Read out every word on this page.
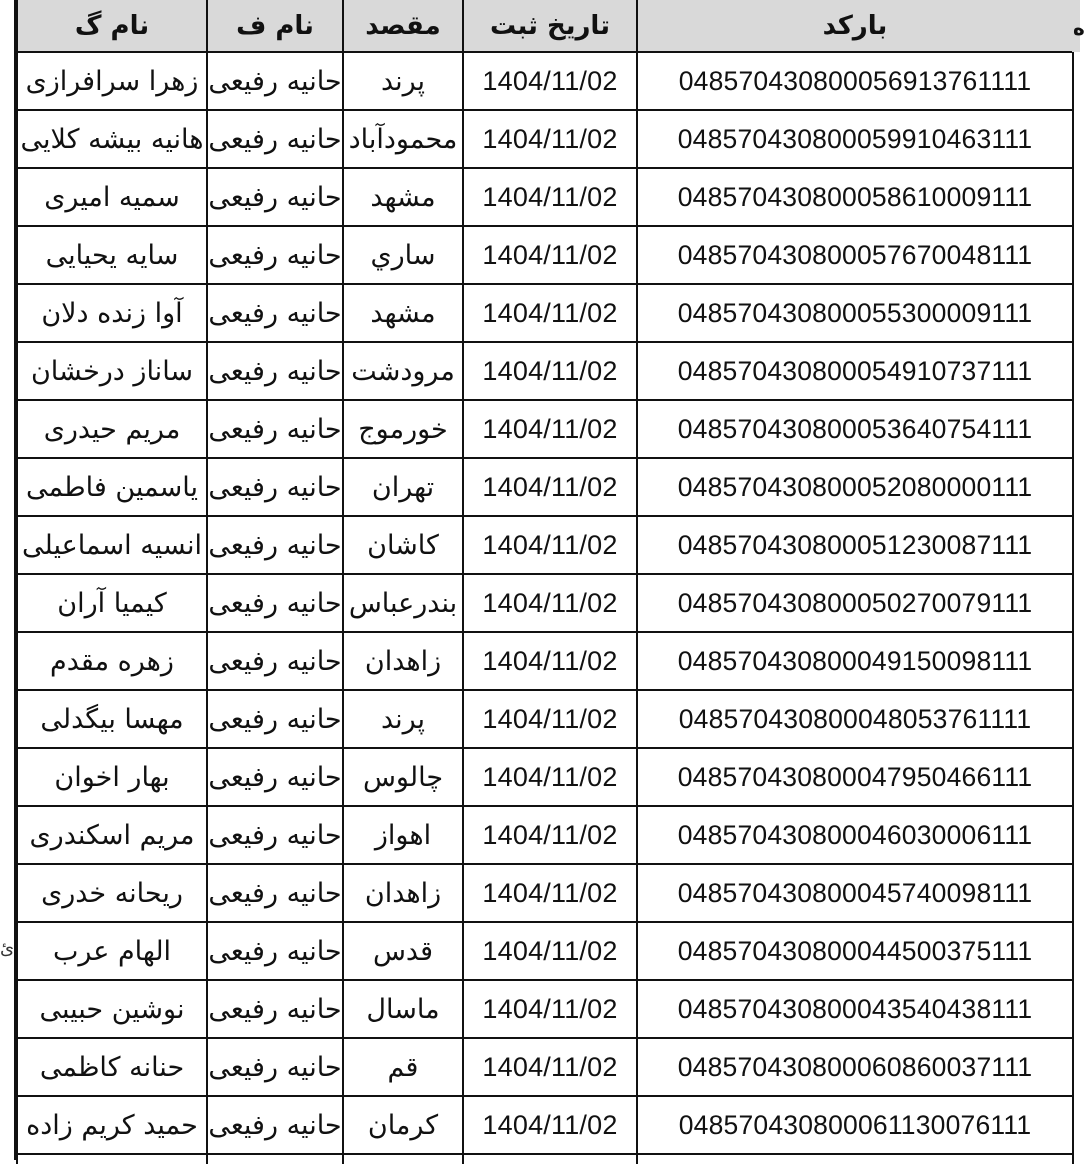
ئ
نام گ	نام ف	مقصد	تاریخ ثبت	بارکد
زهرا سرافرازی	حانیه رفیعی	پرند	1404/11/02	048570430800056913761111
هانیه بیشه کلایی	حانیه رفیعی	محمودآباد	1404/11/02	048570430800059910463111
سمیه امیری	حانیه رفیعی	مشهد	1404/11/02	048570430800058610009111
سایه یحیایی	حانیه رفیعی	ساري	1404/11/02	048570430800057670048111
آوا زنده دلان	حانیه رفیعی	مشهد	1404/11/02	048570430800055300009111
ساناز درخشان	حانیه رفیعی	مرودشت	1404/11/02	048570430800054910737111
مریم حیدری	حانیه رفیعی	خورموج	1404/11/02	048570430800053640754111
یاسمین فاطمی	حانیه رفیعی	تهران	1404/11/02	048570430800052080000111
انسیه اسماعیلی	حانیه رفیعی	کاشان	1404/11/02	048570430800051230087111
کیمیا آران	حانیه رفیعی	بندرعباس	1404/11/02	048570430800050270079111
زهره مقدم	حانیه رفیعی	زاهدان	1404/11/02	048570430800049150098111
مهسا بیگدلی	حانیه رفیعی	پرند	1404/11/02	048570430800048053761111
بهار اخوان	حانیه رفیعی	چالوس	1404/11/02	048570430800047950466111
مریم اسکندری	حانیه رفیعی	اهواز	1404/11/02	048570430800046030006111
ریحانه خدری	حانیه رفیعی	زاهدان	1404/11/02	048570430800045740098111
الهام عرب	حانیه رفیعی	قدس	1404/11/02	048570430800044500375111
نوشین حبیبی	حانیه رفیعی	ماسال	1404/11/02	048570430800043540438111
حنانه کاظمی	حانیه رفیعی	قم	1404/11/02	048570430800060860037111
حمید کریم زاده	حانیه رفیعی	کرمان	1404/11/02	048570430800061130076111

ه
